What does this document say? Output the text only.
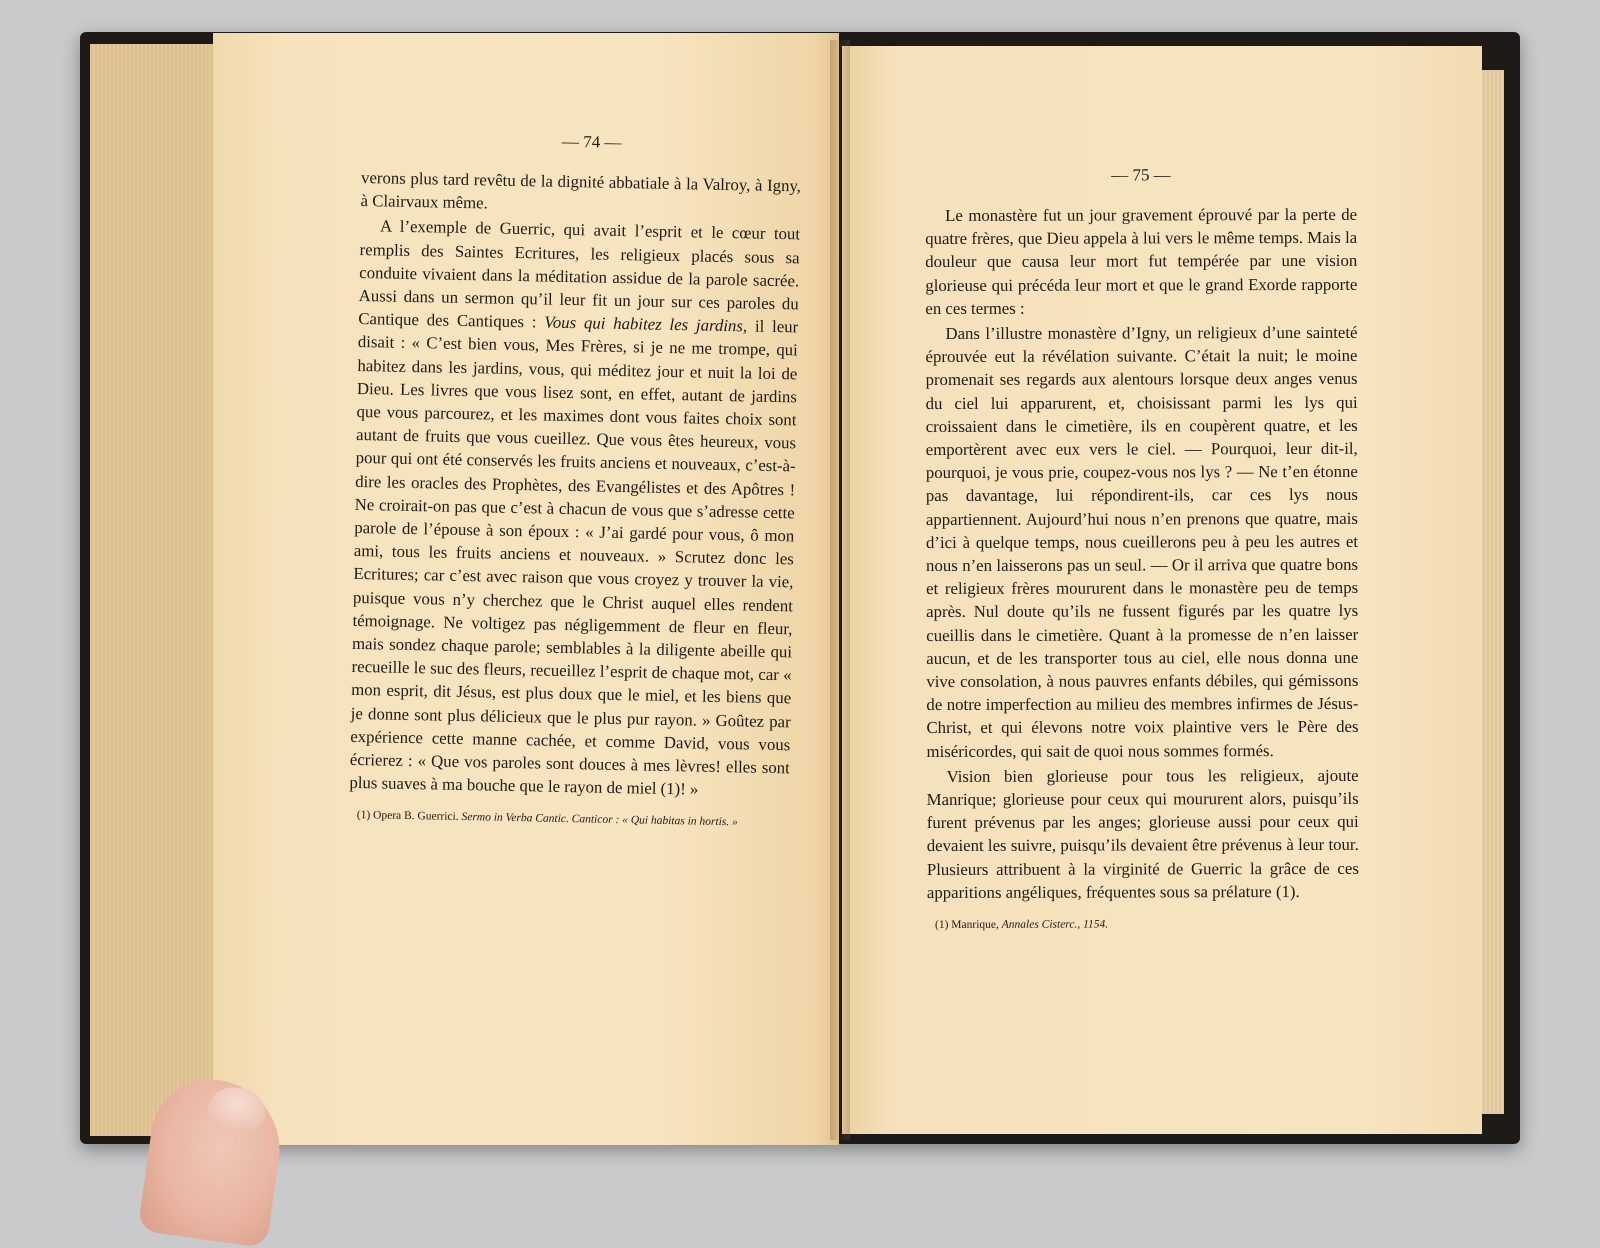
— 74 —

verons plus tard revêtu de la dignité abbatiale à la Valroy, à Igny, à Clairvaux même.

A l’exemple de Guerric, qui avait l’esprit et le cœur tout remplis des Saintes Ecritures, les religieux placés sous sa conduite vivaient dans la méditation assidue de la parole sacrée. Aussi dans un sermon qu’il leur fit un jour sur ces paroles du Cantique des Cantiques : Vous qui habitez les jardins, il leur disait : « C’est bien vous, Mes Frères, si je ne me trompe, qui habitez dans les jardins, vous, qui méditez jour et nuit la loi de Dieu. Les livres que vous lisez sont, en effet, autant de jardins que vous parcourez, et les maximes dont vous faites choix sont autant de fruits que vous cueillez. Que vous êtes heureux, vous pour qui ont été conservés les fruits anciens et nouveaux, c’est-à-dire les oracles des Prophètes, des Evangélistes et des Apôtres ! Ne croirait-on pas que c’est à chacun de vous que s’adresse cette parole de l’épouse à son époux : « J’ai gardé pour vous, ô mon ami, tous les fruits anciens et nouveaux. » Scrutez donc les Ecritures; car c’est avec raison que vous croyez y trouver la vie, puisque vous n’y cherchez que le Christ auquel elles rendent témoignage. Ne voltigez pas négligemment de fleur en fleur, mais sondez chaque parole; semblables à la diligente abeille qui recueille le suc des fleurs, recueillez l’esprit de chaque mot, car « mon esprit, dit Jésus, est plus doux que le miel, et les biens que je donne sont plus délicieux que le plus pur rayon. » Goûtez par expérience cette manne cachée, et comme David, vous vous écrierez : « Que vos paroles sont douces à mes lèvres! elles sont plus suaves à ma bouche que le rayon de miel (1)! »

(1) Opera B. Guerrici. Sermo in Verba Cantic. Canticor : « Qui habitas in hortis. »
— 75 —

Le monastère fut un jour gravement éprouvé par la perte de quatre frères, que Dieu appela à lui vers le même temps. Mais la douleur que causa leur mort fut tempérée par une vision glorieuse qui précéda leur mort et que le grand Exorde rapporte en ces termes :

Dans l’illustre monastère d’Igny, un religieux d’une sainteté éprouvée eut la révélation suivante. C’était la nuit; le moine promenait ses regards aux alentours lorsque deux anges venus du ciel lui apparurent, et, choisissant parmi les lys qui croissaient dans le cimetière, ils en coupèrent quatre, et les emportèrent avec eux vers le ciel. — Pourquoi, leur dit-il, pourquoi, je vous prie, coupez-vous nos lys ? — Ne t’en étonne pas davantage, lui répondirent-ils, car ces lys nous appartiennent. Aujourd’hui nous n’en prenons que quatre, mais d’ici à quelque temps, nous cueillerons peu à peu les autres et nous n’en laisserons pas un seul. — Or il arriva que quatre bons et religieux frères moururent dans le monastère peu de temps après. Nul doute qu’ils ne fussent figurés par les quatre lys cueillis dans le cimetière. Quant à la promesse de n’en laisser aucun, et de les transporter tous au ciel, elle nous donna une vive consolation, à nous pauvres enfants débiles, qui gémissons de notre imperfection au milieu des membres infirmes de Jésus-Christ, et qui élevons notre voix plaintive vers le Père des miséricordes, qui sait de quoi nous sommes formés.

Vision bien glorieuse pour tous les religieux, ajoute Manrique; glorieuse pour ceux qui moururent alors, puisqu’ils furent prévenus par les anges; glorieuse aussi pour ceux qui devaient les suivre, puisqu’ils devaient être prévenus à leur tour. Plusieurs attribuent à la virginité de Guerric la grâce de ces apparitions angéliques, fréquentes sous sa prélature (1).

(1) Manrique, Annales Cisterc., 1154.
